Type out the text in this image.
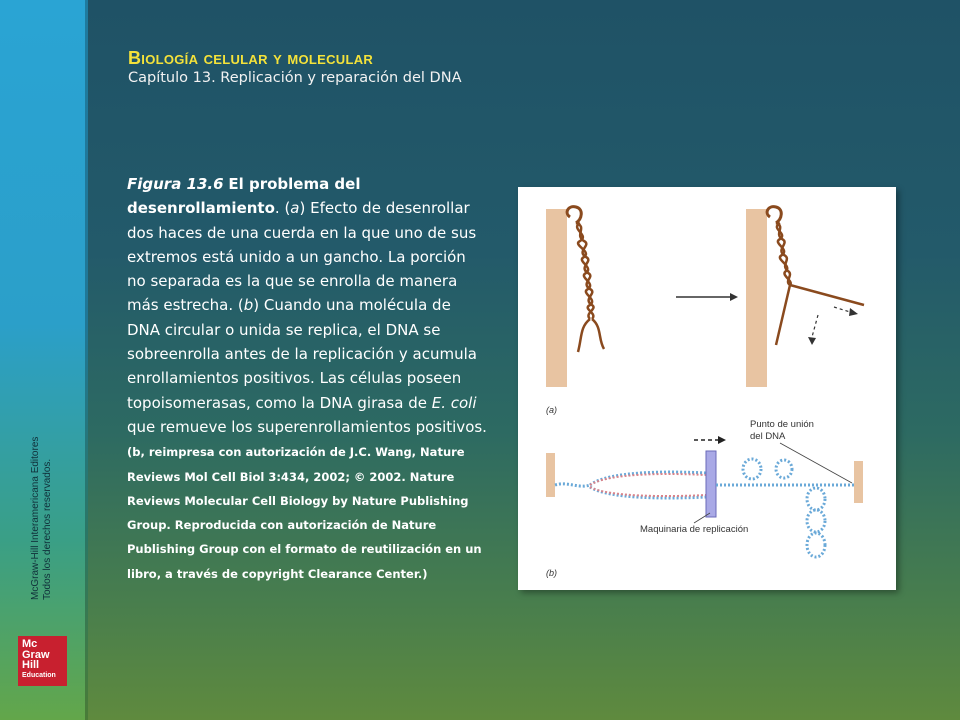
McGraw-Hill Interamericana Editores Todos los derechos reservados.
Mc
Graw
Hill
Education
Biología celular y molecular
Capítulo 13. Replicación y reparación del DNA
Figura 13.6 El problema del desenrollamiento. (a) Efecto de desenrollar dos haces de una cuerda en la que uno de sus extremos está unido a un gancho. La porción no separada es la que se enrolla de manera más estrecha. (b) Cuando una molécula de DNA circular o unida se replica, el DNA se sobreenrolla antes de la replicación y acumula enrollamientos positivos. Las células poseen topoisomerasas, como la DNA girasa de E. coli que remueve los superenrollamientos positivos. (b, reimpresa con autorización de J.C. Wang, Nature Reviews Mol Cell Biol 3:434, 2002; © 2002. Nature Reviews Molecular Cell Biology by Nature Publishing Group. Reproducida con autorización de Nature Publishing Group con el formato de reutilización en un libro, a través de copyright Clearance Center.)
(a)
Punto de unión
del DNA
Maquinaria de replicación
(b)
